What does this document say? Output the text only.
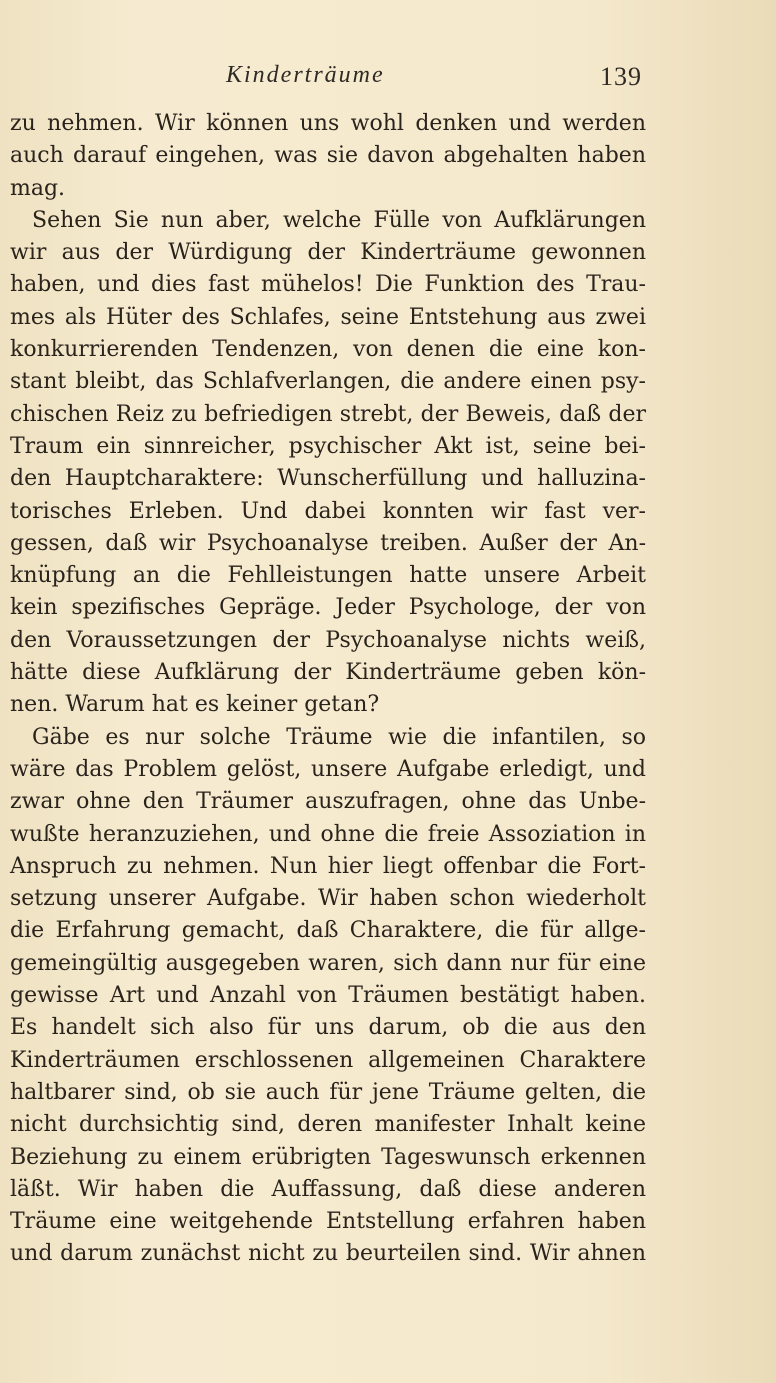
Kinderträume	139
zu nehmen. Wir können uns wohl denken und werden
auch darauf eingehen, was sie davon abgehalten haben
mag.
Sehen Sie nun aber, welche Fülle von Aufklärungen
wir aus der Würdigung der Kinderträume gewonnen
haben, und dies fast mühelos! Die Funktion des Trau-
mes als Hüter des Schlafes, seine Entstehung aus zwei
konkurrierenden Tendenzen, von denen die eine kon-
stant bleibt, das Schlafverlangen, die andere einen psy-
chischen Reiz zu befriedigen strebt, der Beweis, daß der
Traum ein sinnreicher, psychischer Akt ist, seine bei-
den Hauptcharaktere: Wunscherfüllung und halluzina-
torisches Erleben. Und dabei konnten wir fast ver-
gessen, daß wir Psychoanalyse treiben. Außer der An-
knüpfung an die Fehlleistungen hatte unsere Arbeit
kein spezifisches Gepräge. Jeder Psychologe, der von
den Voraussetzungen der Psychoanalyse nichts weiß,
hätte diese Aufklärung der Kinderträume geben kön-
nen. Warum hat es keiner getan?
Gäbe es nur solche Träume wie die infantilen, so
wäre das Problem gelöst, unsere Aufgabe erledigt, und
zwar ohne den Träumer auszufragen, ohne das Unbe-
wußte heranzuziehen, und ohne die freie Assoziation in
Anspruch zu nehmen. Nun hier liegt offenbar die Fort-
setzung unserer Aufgabe. Wir haben schon wiederholt
die Erfahrung gemacht, daß Charaktere, die für allge-
gemeingültig ausgegeben waren, sich dann nur für eine
gewisse Art und Anzahl von Träumen bestätigt haben.
Es handelt sich also für uns darum, ob die aus den
Kinderträumen erschlossenen allgemeinen Charaktere
haltbarer sind, ob sie auch für jene Träume gelten, die
nicht durchsichtig sind, deren manifester Inhalt keine
Beziehung zu einem erübrigten Tageswunsch erkennen
läßt. Wir haben die Auffassung, daß diese anderen
Träume eine weitgehende Entstellung erfahren haben
und darum zunächst nicht zu beurteilen sind. Wir ahnen
